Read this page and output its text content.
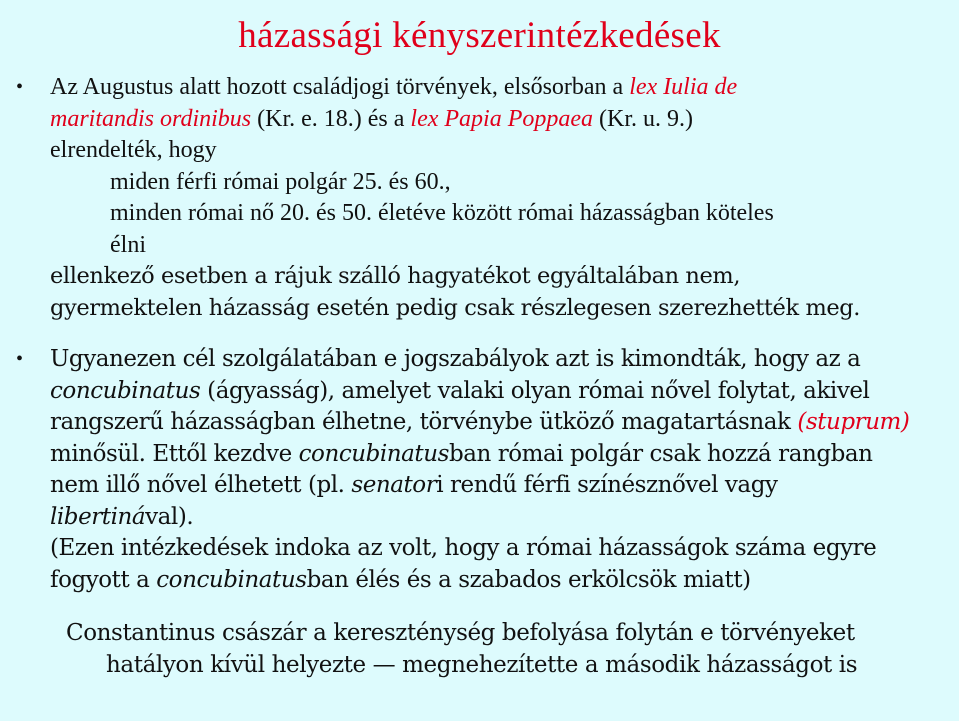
házassági kényszerintézkedések
• Az Augustus alatt hozott családjogi törvények, elsősorban a lex Iulia de
maritandis ordinibus (Kr. e. 18.) és a lex Papia Poppaea (Kr. u. 9.)
elrendelték, hogy
miden férfi római polgár 25. és 60.,
minden római nő 20. és 50. életéve között római házasságban köteles
élni
ellenkező esetben a rájuk szálló hagyatékot egyáltalában nem,
gyermektelen házasság esetén pedig csak részlegesen szerezhették meg.
• Ugyanezen cél szolgálatában e jogszabályok azt is kimondták, hogy az a
concubinatus (ágyasság), amelyet valaki olyan római nővel folytat, akivel
rangszerű házasságban élhetne, törvénybe ütköző magatartásnak (stuprum)
minősül. Ettől kezdve concubinatusban római polgár csak hozzá rangban
nem illő nővel élhetett (pl. senatori rendű férfi színésznővel vagy
libertinával).
(Ezen intézkedések indoka az volt, hogy a római házasságok száma egyre
fogyott a concubinatusban élés és a szabados erkölcsök miatt)
Constantinus császár a kereszténység befolyása folytán e törvényeket
hatályon kívül helyezte — megnehezítette a második házasságot is
